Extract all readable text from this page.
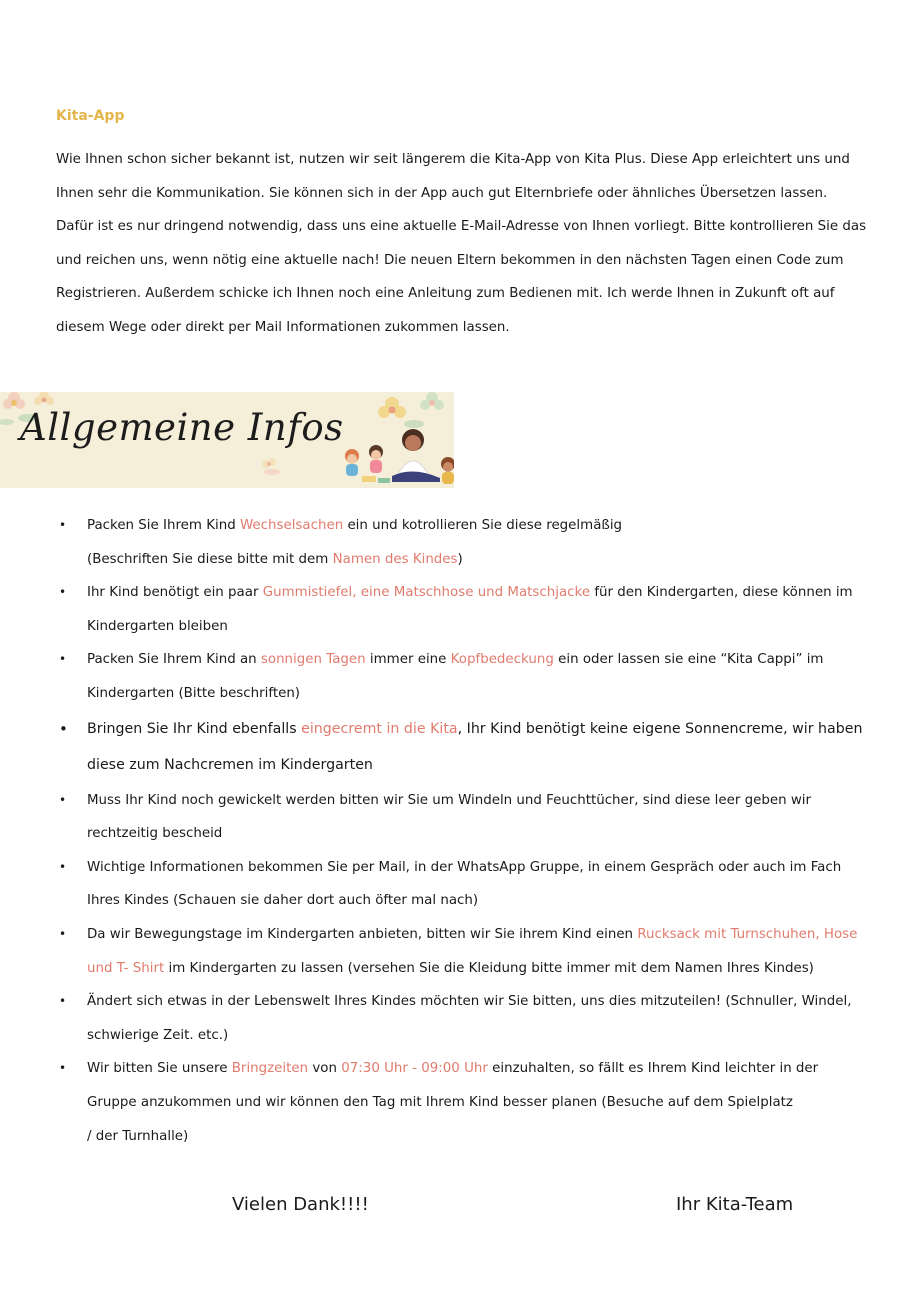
Kita-App

Wie Ihnen schon sicher bekannt ist, nutzen wir seit längerem die Kita-App von Kita Plus. Diese App erleichtert uns und Ihnen sehr die Kommunikation. Sie können sich in der App auch gut Elternbriefe oder ähnliches Übersetzen lassen. Dafür ist es nur dringend notwendig, dass uns eine aktuelle E-Mail-Adresse von Ihnen vorliegt. Bitte kontrollieren Sie das und reichen uns, wenn nötig eine aktuelle nach! Die neuen Eltern bekommen in den nächsten Tagen einen Code zum Registrieren. Außerdem schicke ich Ihnen noch eine Anleitung zum Bedienen mit. Ich werde Ihnen in Zukunft oft auf diesem Wege oder direkt per Mail Informationen zukommen lassen.

Allgemeine Infos
• Packen Sie Ihrem Kind Wechselsachen ein und kotrollieren Sie diese regelmäßig
(Beschriften Sie diese bitte mit dem Namen des Kindes)
• Ihr Kind benötigt ein paar Gummistiefel, eine Matschhose und Matschjacke für den Kindergarten, diese können im Kindergarten bleiben
• Packen Sie Ihrem Kind an sonnigen Tagen immer eine Kopfbedeckung ein oder lassen sie eine “Kita Cappi” im Kindergarten (Bitte beschriften)
• Bringen Sie Ihr Kind ebenfalls eingecremt in die Kita, Ihr Kind benötigt keine eigene Sonnencreme, wir haben diese zum Nachcremen im Kindergarten
• Muss Ihr Kind noch gewickelt werden bitten wir Sie um Windeln und Feuchttücher, sind diese leer geben wir rechtzeitig bescheid
• Wichtige Informationen bekommen Sie per Mail, in der WhatsApp Gruppe, in einem Gespräch oder auch im Fach Ihres Kindes (Schauen sie daher dort auch öfter mal nach)
• Da wir Bewegungstage im Kindergarten anbieten, bitten wir Sie ihrem Kind einen Rucksack mit Turnschuhen, Hose und T- Shirt im Kindergarten zu lassen (versehen Sie die Kleidung bitte immer mit dem Namen Ihres Kindes)
• Ändert sich etwas in der Lebenswelt Ihres Kindes möchten wir Sie bitten, uns dies mitzuteilen! (Schnuller, Windel, schwierige Zeit. etc.)
• Wir bitten Sie unsere Bringzeiten von 07:30 Uhr - 09:00 Uhr einzuhalten, so fällt es Ihrem Kind leichter in der Gruppe anzukommen und wir können den Tag mit Ihrem Kind besser planen (Besuche auf dem Spielplatz
/ der Turnhalle)
Vielen Dank!!!!	Ihr Kita-Team
